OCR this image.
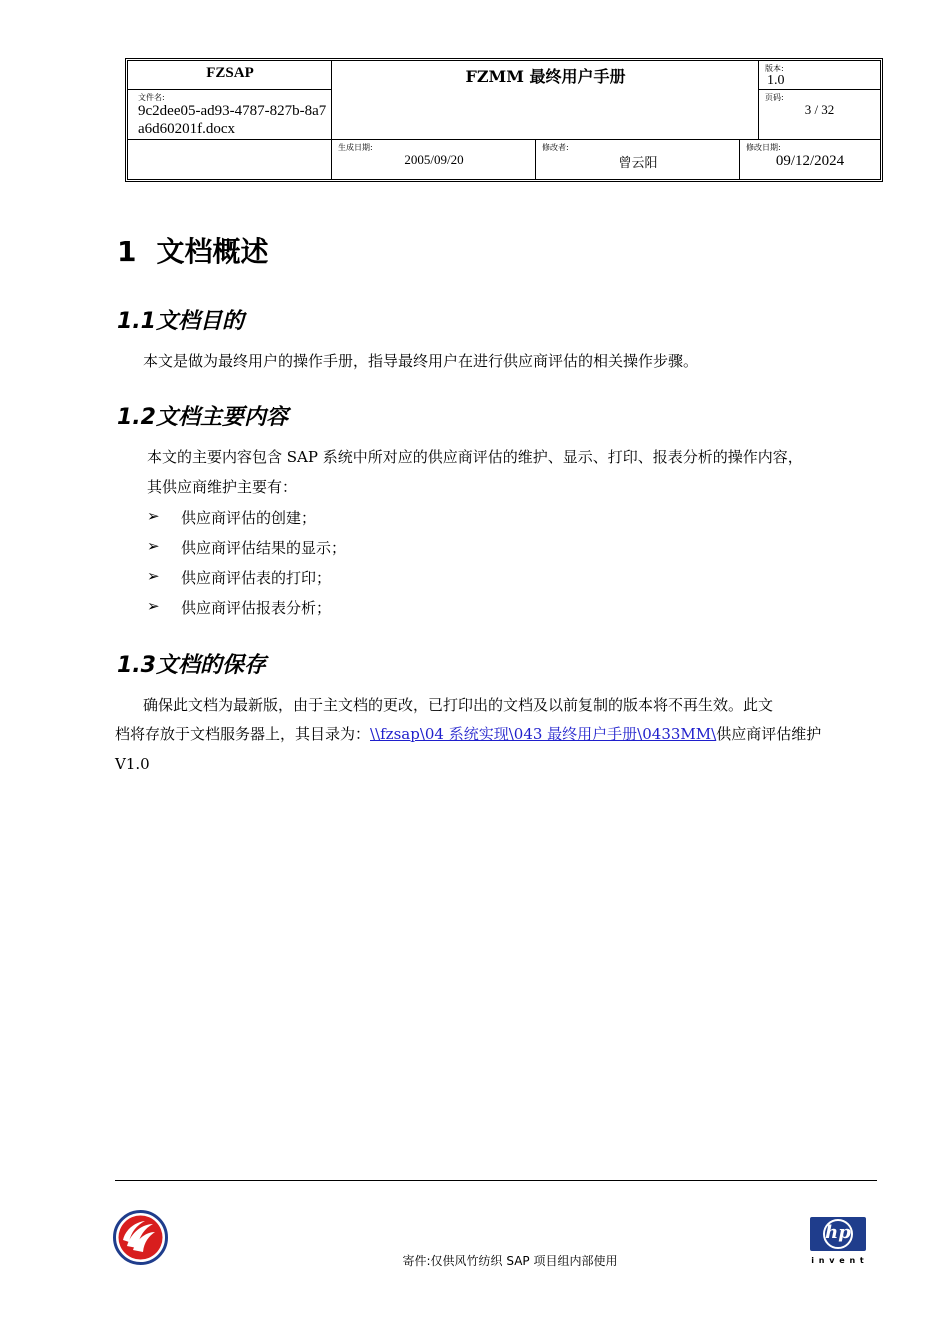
FZSAP	FZMM 最终用户手册	版本:
1.0
文件名:
9c2dee05-ad93-4787-827b-8a7a6d60201f.docx
页码:
3 / 32
生成日期:
2005/09/20
修改者:
曾云阳
修改日期:
09/12/2024
1 文档概述
1.1文档目的
本文是做为最终用户的操作手册，指导最终用户在进行供应商评估的相关操作步骤。
1.2文档主要内容
本文的主要内容包含 SAP 系统中所对应的供应商评估的维护、显示、打印、报表分析的操作内容，
其供应商维护主要有：
➢ 供应商评估的创建；
➢ 供应商评估结果的显示；
➢ 供应商评估表的打印；
➢ 供应商评估报表分析；
1.3文档的保存
确保此文档为最新版，由于主文档的更改，已打印出的文档及以前复制的版本将不再生效。此文
档将存放于文档服务器上，其目录为：\\fzsap\04 系统实现\043 最终用户手册\0433MM\供应商评估维护
V1.0
寄件:仅供风竹纺织 SAP 项目组内部使用
hp
i n v e n t
